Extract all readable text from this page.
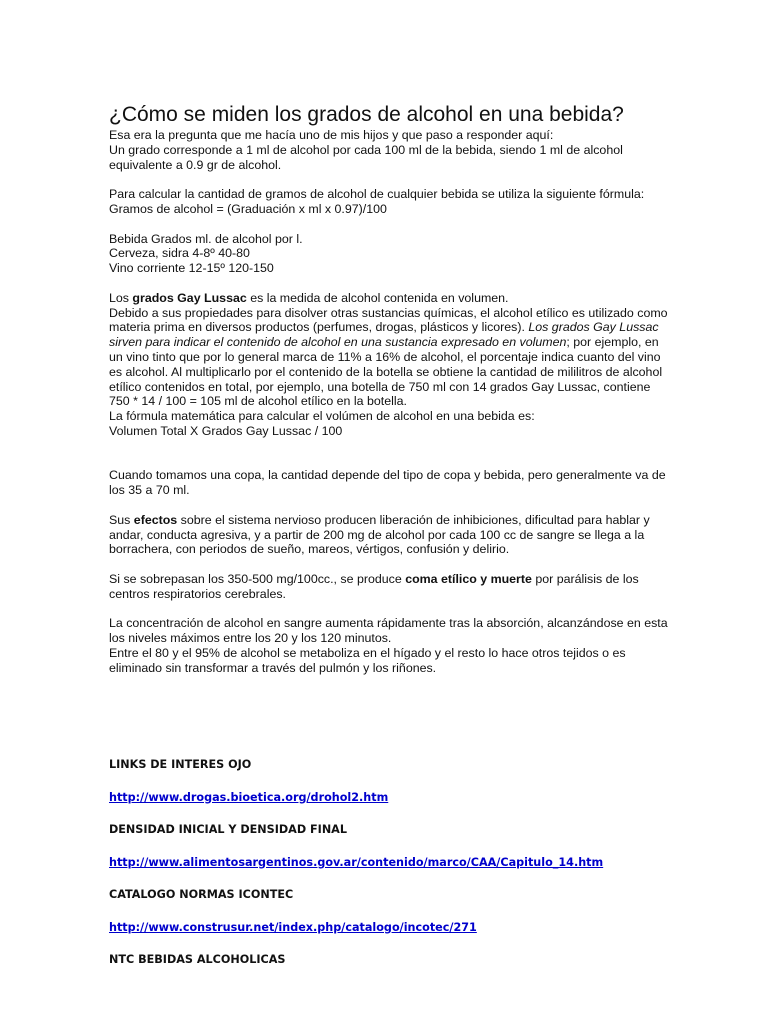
¿Cómo se miden los grados de alcohol en una bebida?

Esa era la pregunta que me hacía uno de mis hijos y que paso a responder aquí:
Un grado corresponde a 1 ml de alcohol por cada 100 ml de la bebida, siendo 1 ml de alcohol equivalente a 0.9 gr de alcohol.

Para calcular la cantidad de gramos de alcohol de cualquier bebida se utiliza la siguiente fórmula: Gramos de alcohol = (Graduación x ml x 0.97)/100

Bebida Grados ml. de alcohol por l.
Cerveza, sidra 4-8º 40-80
Vino corriente 12-15º 120-150

Los grados Gay Lussac es la medida de alcohol contenida en volumen.
Debido a sus propiedades para disolver otras sustancias químicas, el alcohol etílico es utilizado como materia prima en diversos productos (perfumes, drogas, plásticos y licores). Los grados Gay Lussac sirven para indicar el contenido de alcohol en una sustancia expresado en volumen; por ejemplo, en un vino tinto que por lo general marca de 11% a 16% de alcohol, el porcentaje indica cuanto del vino es alcohol. Al multiplicarlo por el contenido de la botella se obtiene la cantidad de mililitros de alcohol etílico contenidos en total, por ejemplo, una botella de 750 ml con 14 grados Gay Lussac, contiene 750 * 14 / 100 = 105 ml de alcohol etílico en la botella.
La fórmula matemática para calcular el volúmen de alcohol en una bebida es:
Volumen Total X Grados Gay Lussac / 100

Cuando tomamos una copa, la cantidad depende del tipo de copa y bebida, pero generalmente va de los 35 a 70 ml.

Sus efectos sobre el sistema nervioso producen liberación de inhibiciones, dificultad para hablar y andar, conducta agresiva, y a partir de 200 mg de alcohol por cada 100 cc de sangre se llega a la borrachera, con periodos de sueño, mareos, vértigos, confusión y delirio.

Si se sobrepasan los 350-500 mg/100cc., se produce coma etílico y muerte por parálisis de los centros respiratorios cerebrales.

La concentración de alcohol en sangre aumenta rápidamente tras la absorción, alcanzándose en esta los niveles máximos entre los 20 y los 120 minutos.
Entre el 80 y el 95% de alcohol se metaboliza en el hígado y el resto lo hace otros tejidos o es eliminado sin transformar a través del pulmón y los riñones.

LINKS DE INTERES OJO

http://www.drogas.bioetica.org/drohol2.htm

DENSIDAD INICIAL Y DENSIDAD FINAL

http://www.alimentosargentinos.gov.ar/contenido/marco/CAA/Capitulo_14.htm

CATALOGO NORMAS ICONTEC

http://www.construsur.net/index.php/catalogo/incotec/271

NTC BEBIDAS ALCOHOLICAS
